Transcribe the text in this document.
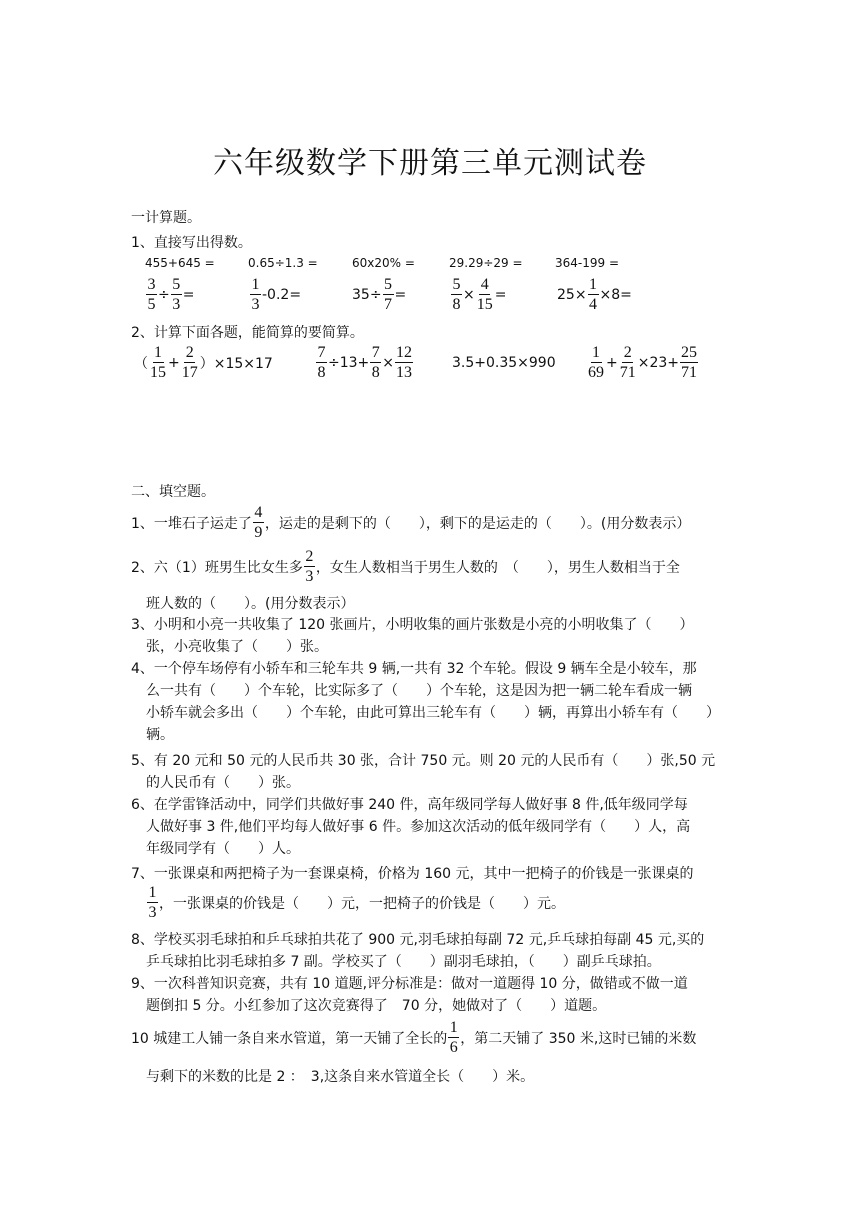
六年级数学下册第三单元测试卷
一计算题。
1、直接写出得数。
455+645 =	0.65÷1.3 =	60x20% =	29.29÷29 =	364-199 =
$\frac{3}{5} \div \frac{5}{3}$ =	$\frac{1}{3} -0.2=$	$35\div \frac{5}{7}$ =	$\frac{5}{8} \times \frac{4}{15}$ =	$25\times \frac{1}{4} \times 8=$
2、计算下面各题，能简算的要简算。
（ $\frac{1}{15} + \frac{2}{17} )\times 15\times 17$	$\frac{7}{8} \div 13+ \frac{7}{8} \times \frac{12}{13}$	$3.5+0.35\times 990 \frac{1}{69} + \frac{2}{71} \times 23+ \frac{25}{71}$
二、填空题。
1、一堆石子运走了 $\frac{4}{9}$ ，运走的是剩下的（　　），剩下的是运走的（　　）。(用分数表示）
2、六（1）班男生比女生多 $\frac{2}{3}$ ，女生人数相当于男生人数的　（　　），男生人数相当于全
班人数的（　　）。(用分数表示）
3、小明和小亮一共收集了 120 张画片，小明收集的画片张数是小亮的小明收集了（　　）
张，小亮收集了（　　）张。
4、一个停车场停有小轿车和三轮车共 9 辆,一共有 32 个车轮。假设 9 辆车全是小较车，那
么一共有（　　）个车轮，比实际多了（　　）个车轮，这是因为把一辆二轮车看成一辆
小轿车就会多出（　　）个车轮，由此可算出三轮车有（　　）辆，再算出小轿车有（　　）
辆。
5、有 20 元和 50 元的人民币共 30 张，合计 750 元。则 20 元的人民币有（　　）张,50 元
的人民币有（　　）张。
6、在学雷锋活动中，同学们共做好事 240 件，高年级同学每人做好事 8 件,低年级同学每
人做好事 3 件,他们平均每人做好事 6 件。参加这次活动的低年级同学有（　　）人，高
年级同学有（　　）人。
7、一张课桌和两把椅子为一套课桌椅，价格为 160 元，其中一把椅子的价钱是一张课桌的
$\frac{1}{3}$ ，一张课桌的价钱是（　　）元，一把椅子的价钱是（　　）元。
8、学校买羽毛球拍和乒乓球拍共花了 900 元,羽毛球拍每副 72 元,乒乓球拍每副 45 元,买的
乒乓球拍比羽毛球拍多 7 副。学校买了（　　）副羽毛球拍，（　　）副乒乓球拍。
9、一次科普知识竞赛，共有 10 道题,评分标准是：做对一道题得 10 分，做错或不做一道
题倒扣 5 分。小红参加了这次竞赛得了　70 分，她做对了（　　）道题。
10 城建工人铺一条自来水管道，第一天铺了全长的 $\frac{1}{6}$ ，第二天铺了 350 米,这时已铺的米数
与剩下的米数的比是 2 ：　3,这条自来水管道全长（　　）米。
